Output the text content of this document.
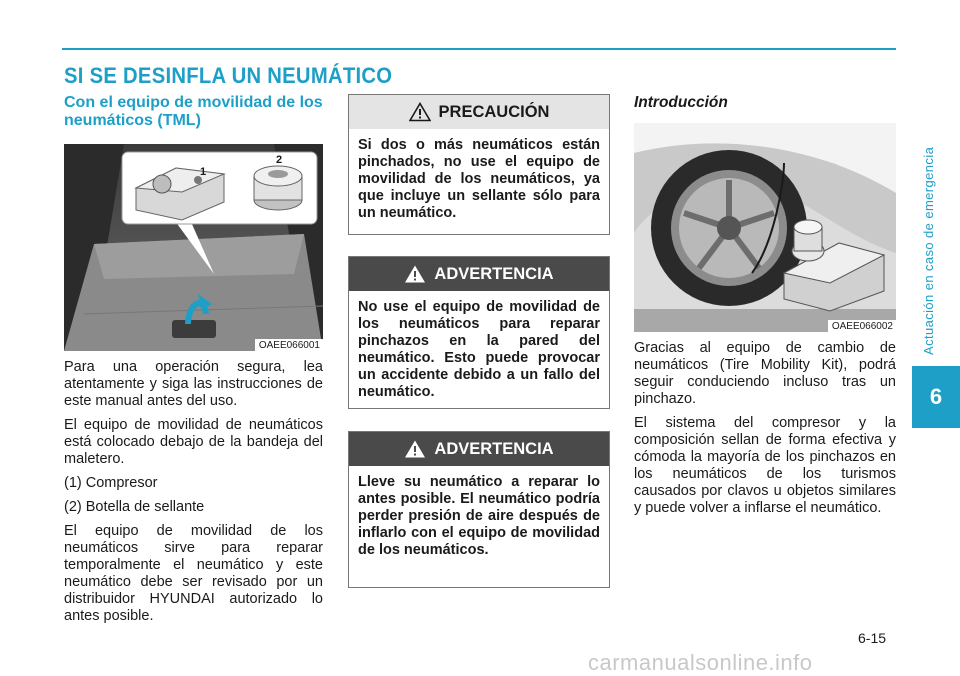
SI SE DESINFLA UN NEUMÁTICO
Actuación en caso de emergencia
6
Con el equipo de movilidad de los neumáticos (TML)
1
2
OAEE066001

Para una operación segura, lea atentamente y siga las instrucciones de este manual antes del uso.

El equipo de movilidad de neumáticos está colocado debajo de la bandeja del maletero.

(1) Compresor

(2) Botella de sellante

El equipo de movilidad de los neumáticos sirve para reparar temporalmente el neumático y este neumático debe ser revisado por un distribuidor HYUNDAI autorizado lo antes posible.

PRECAUCIÓN
Si dos o más neumáticos están pinchados, no use el equipo de movilidad de los neumáticos, ya que incluye un sellante sólo para un neumático.
ADVERTENCIA
No use el equipo de movilidad de los neumáticos para reparar pinchazos en la pared del neumático. Esto puede provocar un accidente debido a un fallo del neumático.
ADVERTENCIA
Lleve su neumático a reparar lo antes posible. El neumático podría perder presión de aire después de inflarlo con el equipo de movilidad de los neumáticos.
Introducción
OAEE066002

Gracias al equipo de cambio de neumáticos (Tire Mobility Kit), podrá seguir conduciendo incluso tras un pinchazo.

El sistema del compresor y la composición sellan de forma efectiva y cómoda la mayoría de los pinchazos en los neumáticos de los turismos causados por clavos u objetos similares y puede volver a inflarse el neumático.

6-15
carmanualsonline.info
